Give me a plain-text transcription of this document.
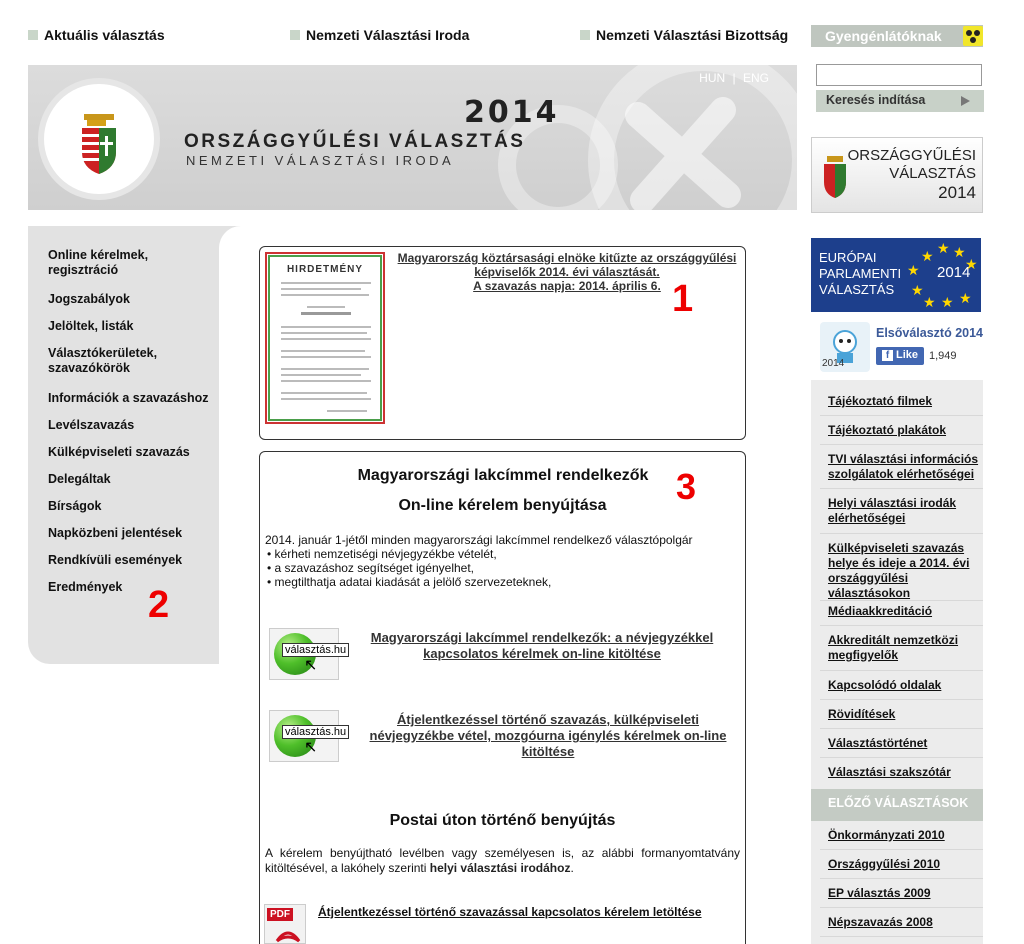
Aktuális választás	Nemzeti Választási Iroda	Nemzeti Választási Bizottság
HUN | ENG
2014
ORSZÁGGYŰLÉSI VÁLASZTÁS
NEMZETI VÁLASZTÁSI IRODA
Online kérelmek, regisztráció
Jogszabályok
Jelöltek, listák
Választókerületek, szavazókörök
Információk a szavazáshoz
Levélszavazás
Külképviseleti szavazás
Delegáltak
Bírságok
Napközbeni jelentések
Rendkívüli események
Eredmények 2
HIRDETMÉNY
Magyarország köztársasági elnöke kitűzte az országgyűlési képviselők 2014. évi választását.
A szavazás napja: 2014. április 6. 1
Magyarországi lakcímmel rendelkezők 3
On-line kérelem benyújtása
2014. január 1-jétől minden magyarországi lakcímmel rendelkező választópolgár
• kérheti nemzetiségi névjegyzékbe vételét,
• a szavazáshoz segítséget igényelhet,
• megtilthatja adatai kiadását a jelölő szervezeteknek,
választás.hu
↖
Magyarországi lakcímmel rendelkezők: a névjegyzékkel kapcsolatos kérelmek on-line kitöltése
választás.hu
↖
Átjelentkezéssel történő szavazás, külképviseleti névjegyzékbe vétel, mozgóurna igénylés kérelmek on-line kitöltése
Postai úton történő benyújtás
A kérelem benyújtható levélben vagy személyesen is, az alábbi formanyomtatvány kitöltésével, a lakóhely szerinti helyi választási irodához.
PDF Átjelentkezéssel történő szavazással kapcsolatos kérelem letöltése
Gyengénlátóknak
Keresés indítása
ORSZÁGGYŰLÉSI
VÁLASZTÁS
2014
EURÓPAI
PARLAMENTI
VÁLASZTÁS
2014
★ ★
★ ★
★
★
★ ★ ★
2014
Elsőválasztó 2014
f Like 1,949
Tájékoztató filmek
Tájékoztató plakátok
TVI választási információs szolgálatok elérhetőségei
Helyi választási irodák elérhetőségei
Külképviseleti szavazás helye és ideje a 2014. évi országgyűlési választásokon
Médiaakkreditáció
Akkreditált nemzetközi megfigyelők
Kapcsolódó oldalak
Rövidítések
Választástörténet
Választási szakszótár
ELŐZŐ VÁLASZTÁSOK
Önkormányzati 2010
Országgyűlési 2010
EP választás 2009
Népszavazás 2008
